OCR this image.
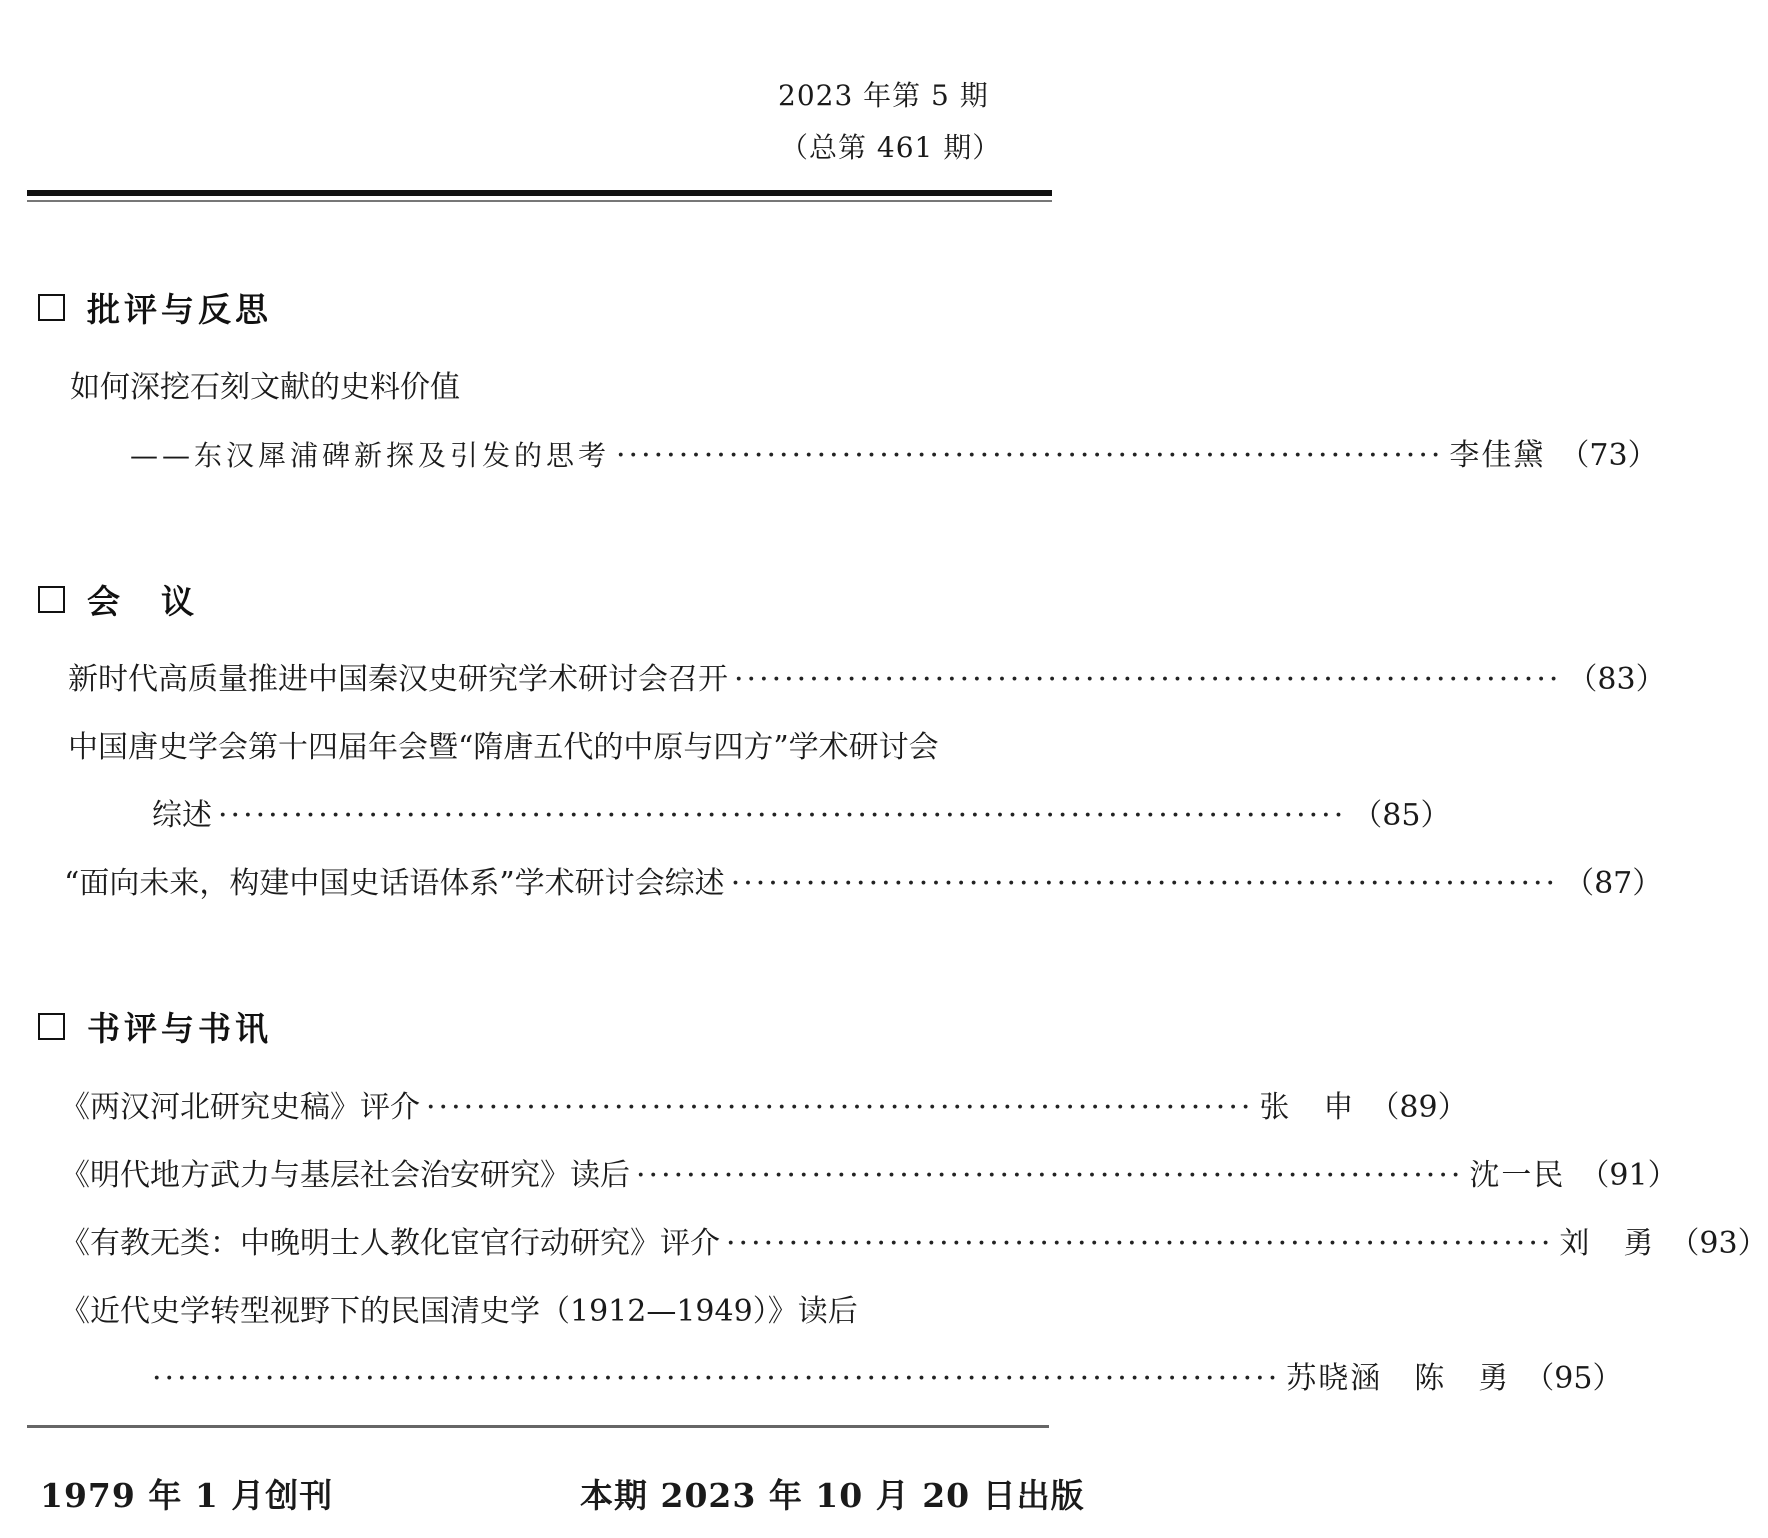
2023 年第 5 期
（总第 461 期）
批评与反思
如何深挖石刻文献的史料价值
——东汉犀浦碑新探及引发的思考 ·································································· 李佳黛 （73）
会　议
新时代高质量推进中国秦汉史研究学术研讨会召开 ·································································· （83）
中国唐史学会第十四届年会暨“隋唐五代的中原与四方”学术研讨会
综述 ·························································································· （85）
“面向未来，构建中国史话语体系”学术研讨会综述 ·································································· （87）
书评与书讯
《两汉河北研究史稿》评介 ·································································· 张　申 （89）
《明代地方武力与基层社会治安研究》读后 ·································································· 沈一民 （91）
《有教无类：中晚明士人教化宦官行动研究》评介 ·································································· 刘　勇 （93）
《近代史学转型视野下的民国清史学（1912—1949）》读后
·························································································· 苏晓涵　陈　勇 （95）
1979 年 1 月创刊	本期 2023 年 10 月 20 日出版
